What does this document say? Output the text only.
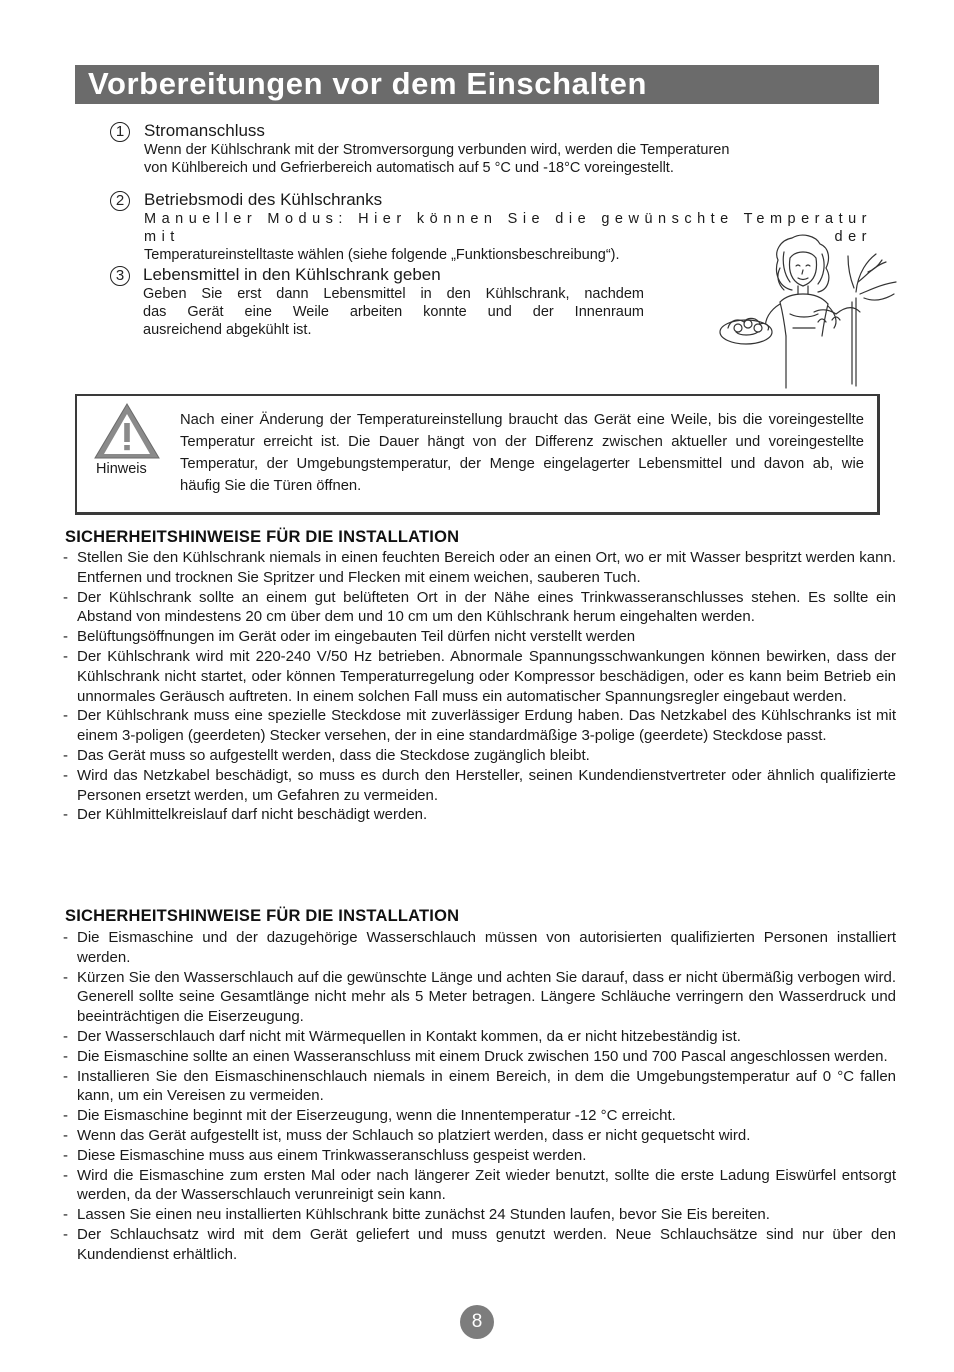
Vorbereitungen vor dem Einschalten
1	Stromanschluss
Wenn der Kühlschrank mit der Stromversorgung verbunden wird, werden die Temperaturen
von Kühlbereich und Gefrierbereich automatisch auf 5 °C und -18°C voreingestellt.
2	Betriebsmodi des Kühlschranks
Manueller Modus: Hier können Sie die gewünschte Temperatur mit der
Temperatureinstelltaste wählen (siehe folgende „Funktionsbeschreibung“).
3	Lebensmittel in den Kühlschrank geben
Geben Sie erst dann Lebensmittel in den Kühlschrank, nachdem
das Gerät eine Weile arbeiten konnte und der Innenraum
ausreichend abgekühlt ist.
Hinweis
Nach einer Änderung der Temperatureinstellung braucht das Gerät eine Weile, bis die voreingestellte Temperatur erreicht ist. Die Dauer hängt von der Differenz zwischen aktueller und voreingestellte Temperatur, der Umgebungstemperatur, der Menge eingelagerter Lebensmittel und davon ab, wie häufig Sie die Türen öffnen.
SICHERHEITSHINWEISE FÜR DIE INSTALLATION
- Stellen Sie den Kühlschrank niemals in einen feuchten Bereich oder an einen Ort, wo er mit Wasser bespritzt werden kann. Entfernen und trocknen Sie Spritzer und Flecken mit einem weichen, sauberen Tuch.
- Der Kühlschrank sollte an einem gut belüfteten Ort in der Nähe eines Trinkwasseranschlusses stehen. Es sollte ein Abstand von mindestens 20 cm über dem und 10 cm um den Kühlschrank herum eingehalten werden.
- Belüftungsöffnungen im Gerät oder im eingebauten Teil dürfen nicht verstellt werden
- Der Kühlschrank wird mit 220-240 V/50 Hz betrieben. Abnormale Spannungsschwankungen können bewirken, dass der Kühlschrank nicht startet, oder können Temperaturregelung oder Kompressor beschädigen, oder es kann beim Betrieb ein unnormales Geräusch auftreten. In einem solchen Fall muss ein automatischer Spannungsregler eingebaut werden.
- Der Kühlschrank muss eine spezielle Steckdose mit zuverlässiger Erdung haben. Das Netzkabel des Kühlschranks ist mit einem 3-poligen (geerdeten) Stecker versehen, der in eine standardmäßige 3-polige (geerdete) Steckdose passt.
- Das Gerät muss so aufgestellt werden, dass die Steckdose zugänglich bleibt.
- Wird das Netzkabel beschädigt, so muss es durch den Hersteller, seinen Kundendienstvertreter oder ähnlich qualifizierte Personen ersetzt werden, um Gefahren zu vermeiden.
- Der Kühlmittelkreislauf darf nicht beschädigt werden.
SICHERHEITSHINWEISE FÜR DIE INSTALLATION
- Die Eismaschine und der dazugehörige Wasserschlauch müssen von autorisierten qualifizierten Personen installiert werden.
- Kürzen Sie den Wasserschlauch auf die gewünschte Länge und achten Sie darauf, dass er nicht übermäßig verbogen wird. Generell sollte seine Gesamtlänge nicht mehr als 5 Meter betragen. Längere Schläuche verringern den Wasserdruck und beeinträchtigen die Eiserzeugung.
- Der Wasserschlauch darf nicht mit Wärmequellen in Kontakt kommen, da er nicht hitzebeständig ist.
- Die Eismaschine sollte an einen Wasseranschluss mit einem Druck zwischen 150 und 700 Pascal angeschlossen werden.
- Installieren Sie den Eismaschinenschlauch niemals in einem Bereich, in dem die Umgebungstemperatur auf 0 °C fallen kann, um ein Vereisen zu vermeiden.
- Die Eismaschine beginnt mit der Eiserzeugung, wenn die Innentemperatur -12 °C erreicht.
- Wenn das Gerät aufgestellt ist, muss der Schlauch so platziert werden, dass er nicht gequetscht wird.
- Diese Eismaschine muss aus einem Trinkwasseranschluss gespeist werden.
- Wird die Eismaschine zum ersten Mal oder nach längerer Zeit wieder benutzt, sollte die erste Ladung Eiswürfel entsorgt werden, da der Wasserschlauch verunreinigt sein kann.
- Lassen Sie einen neu installierten Kühlschrank bitte zunächst 24 Stunden laufen, bevor Sie Eis bereiten.
- Der Schlauchsatz wird mit dem Gerät geliefert und muss genutzt werden. Neue Schlauchsätze sind nur über den Kundendienst erhältlich.
8
